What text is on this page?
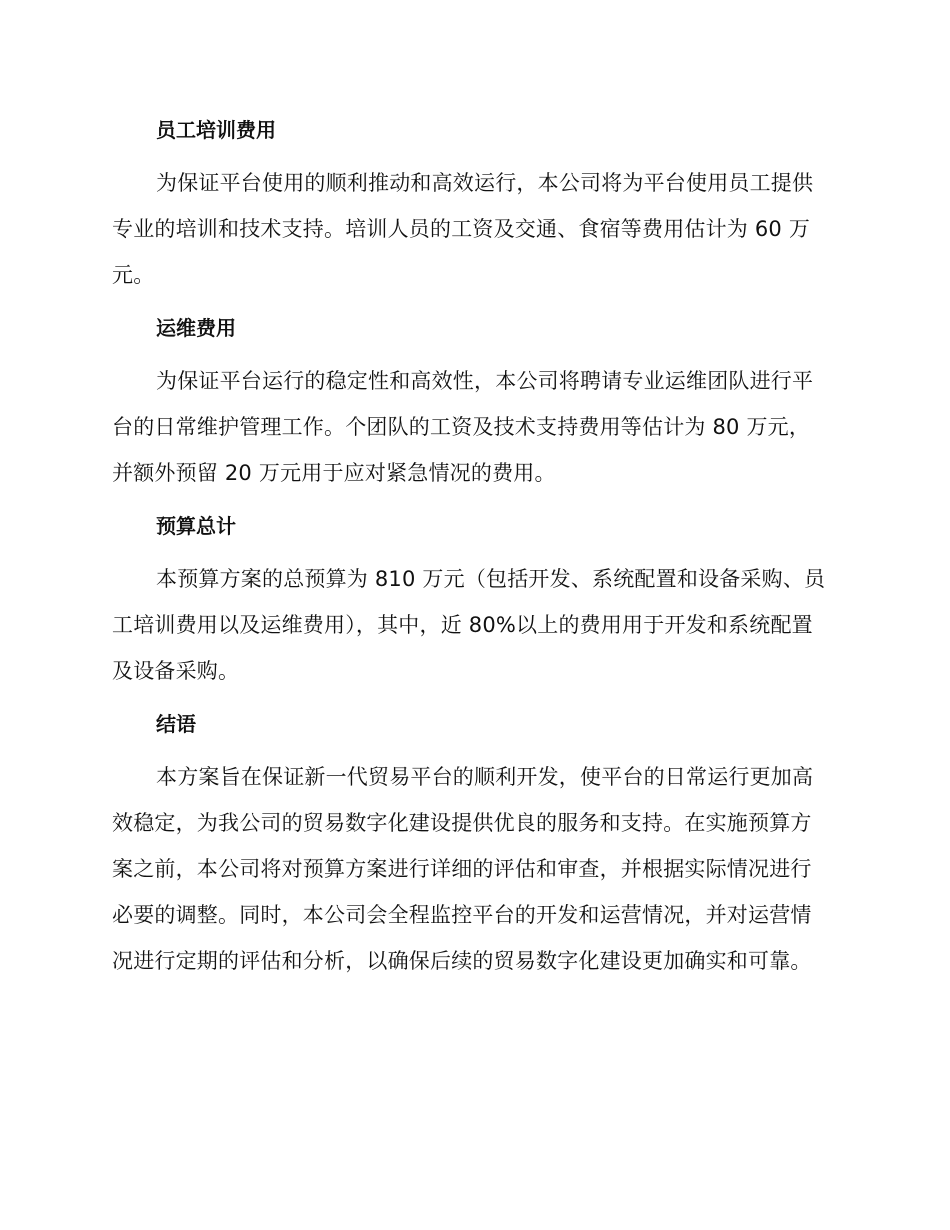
员工培训费用
为保证平台使用的顺利推动和高效运行，本公司将为平台使用员工提供
专业的培训和技术支持。培训人员的工资及交通、食宿等费用估计为 60 万
元。
运维费用
为保证平台运行的稳定性和高效性，本公司将聘请专业运维团队进行平
台的日常维护管理工作。个团队的工资及技术支持费用等估计为 80 万元，
并额外预留 20 万元用于应对紧急情况的费用。
预算总计
本预算方案的总预算为 810 万元（包括开发、系统配置和设备采购、员
工培训费用以及运维费用），其中，近 80%以上的费用用于开发和系统配置
及设备采购。
结语
本方案旨在保证新一代贸易平台的顺利开发，使平台的日常运行更加高
效稳定，为我公司的贸易数字化建设提供优良的服务和支持。在实施预算方
案之前，本公司将对预算方案进行详细的评估和审查，并根据实际情况进行
必要的调整。同时，本公司会全程监控平台的开发和运营情况，并对运营情
况进行定期的评估和分析，以确保后续的贸易数字化建设更加确实和可靠。
